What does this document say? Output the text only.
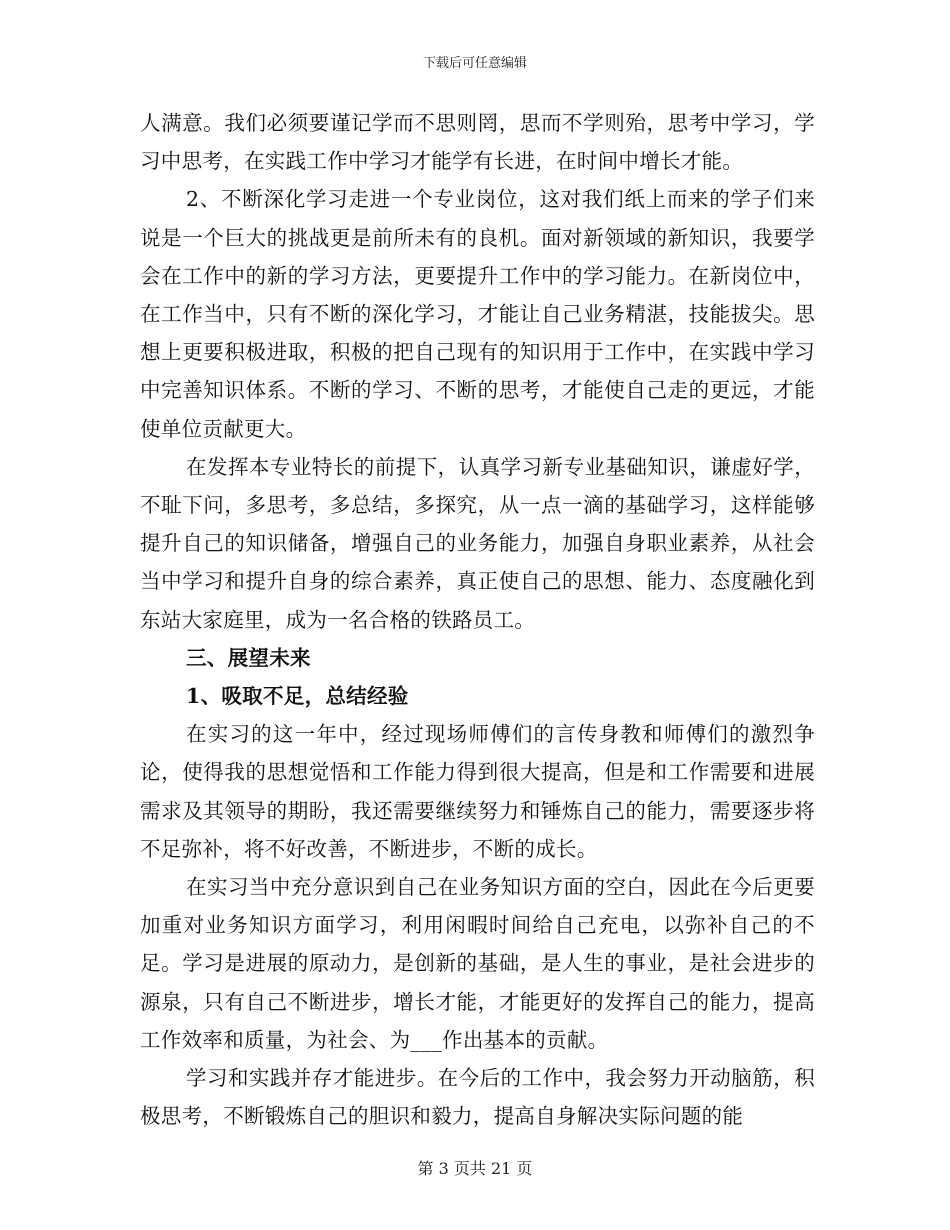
下载后可任意编辑

人满意。我们必须要谨记学而不思则罔，思而不学则殆，思考中学习，学习中思考，在实践工作中学习才能学有长进，在时间中增长才能。

2、不断深化学习走进一个专业岗位，这对我们纸上而来的学子们来说是一个巨大的挑战更是前所未有的良机。面对新领域的新知识，我要学会在工作中的新的学习方法，更要提升工作中的学习能力。在新岗位中，在工作当中，只有不断的深化学习，才能让自己业务精湛，技能拔尖。思想上更要积极进取，积极的把自己现有的知识用于工作中，在实践中学习中完善知识体系。不断的学习、不断的思考，才能使自己走的更远，才能使单位贡献更大。

在发挥本专业特长的前提下，认真学习新专业基础知识，谦虚好学，不耻下问，多思考，多总结，多探究，从一点一滴的基础学习，这样能够提升自己的知识储备，增强自己的业务能力，加强自身职业素养，从社会当中学习和提升自身的综合素养，真正使自己的思想、能力、态度融化到东站大家庭里，成为一名合格的铁路员工。

三、展望未来

1、吸取不足，总结经验

在实习的这一年中，经过现场师傅们的言传身教和师傅们的激烈争论，使得我的思想觉悟和工作能力得到很大提高，但是和工作需要和进展需求及其领导的期盼，我还需要继续努力和锤炼自己的能力，需要逐步将不足弥补，将不好改善，不断进步，不断的成长。

在实习当中充分意识到自己在业务知识方面的空白，因此在今后更要加重对业务知识方面学习，利用闲暇时间给自己充电，以弥补自己的不足。学习是进展的原动力，是创新的基础，是人生的事业，是社会进步的源泉，只有自己不断进步，增长才能，才能更好的发挥自己的能力，提高工作效率和质量，为社会、为___作出基本的贡献。

学习和实践并存才能进步。在今后的工作中，我会努力开动脑筋，积极思考，不断锻炼自己的胆识和毅力，提高自身解决实际问题的能

第 3 页共 21 页
